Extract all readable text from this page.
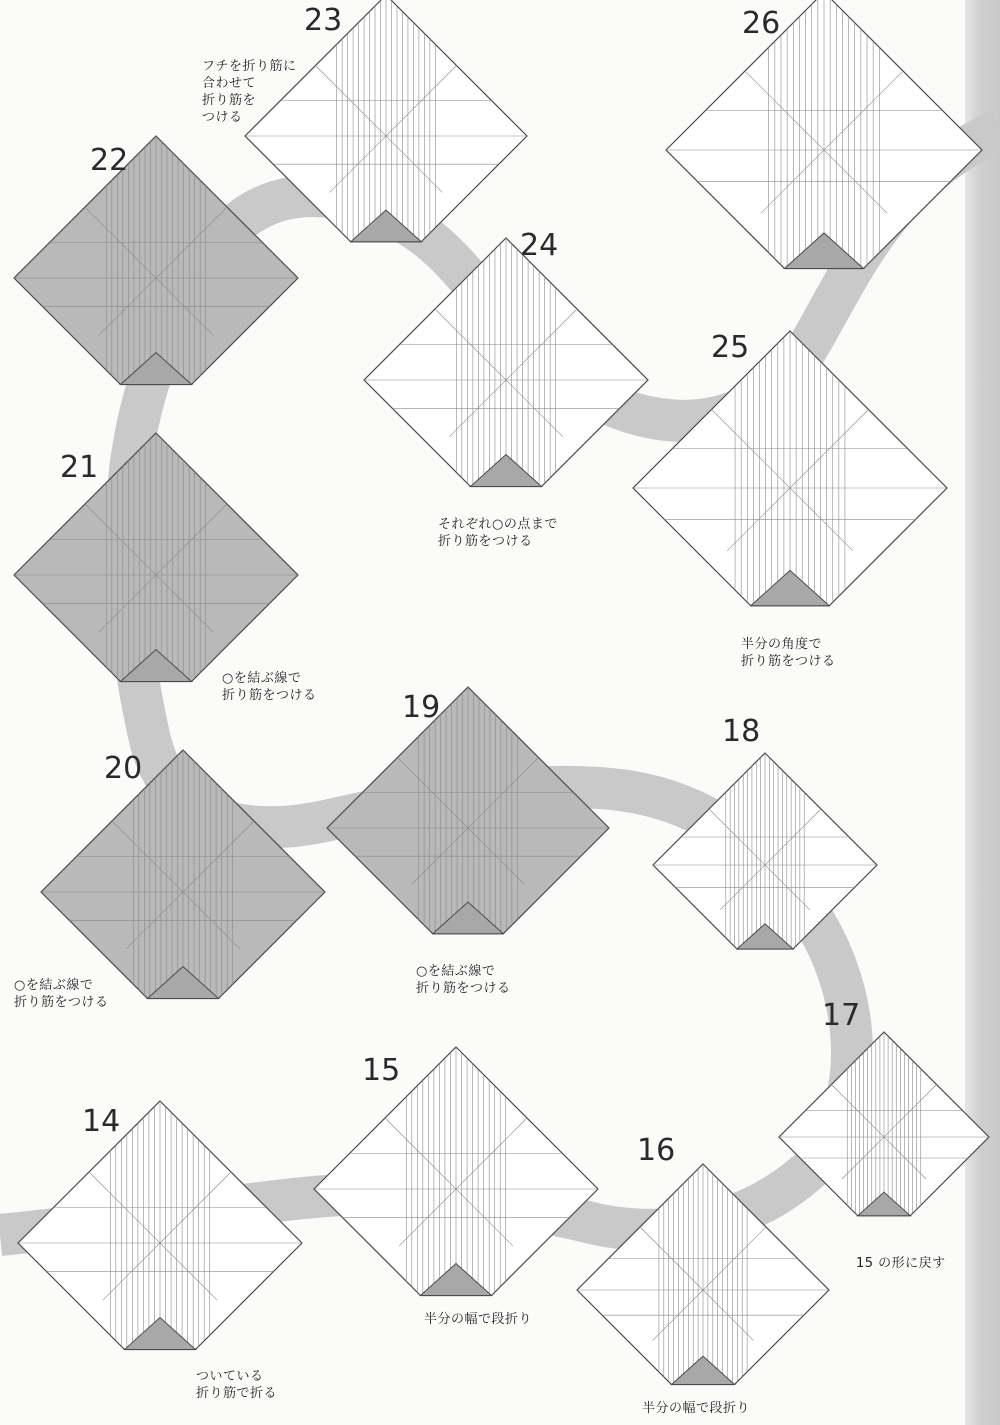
14
15
16
17
18
19
20
21
22
23
24
25
26
ついている
折り筋で折る
半分の幅で段折り
半分の幅で段折り
15 の形に戻す
○を結ぶ線で
折り筋をつける
○を結ぶ線で
折り筋をつける
○を結ぶ線で
折り筋をつける
フチを折り筋に
合わせて
折り筋を
つける
それぞれ○の点まで
折り筋をつける
半分の角度で
折り筋をつける
